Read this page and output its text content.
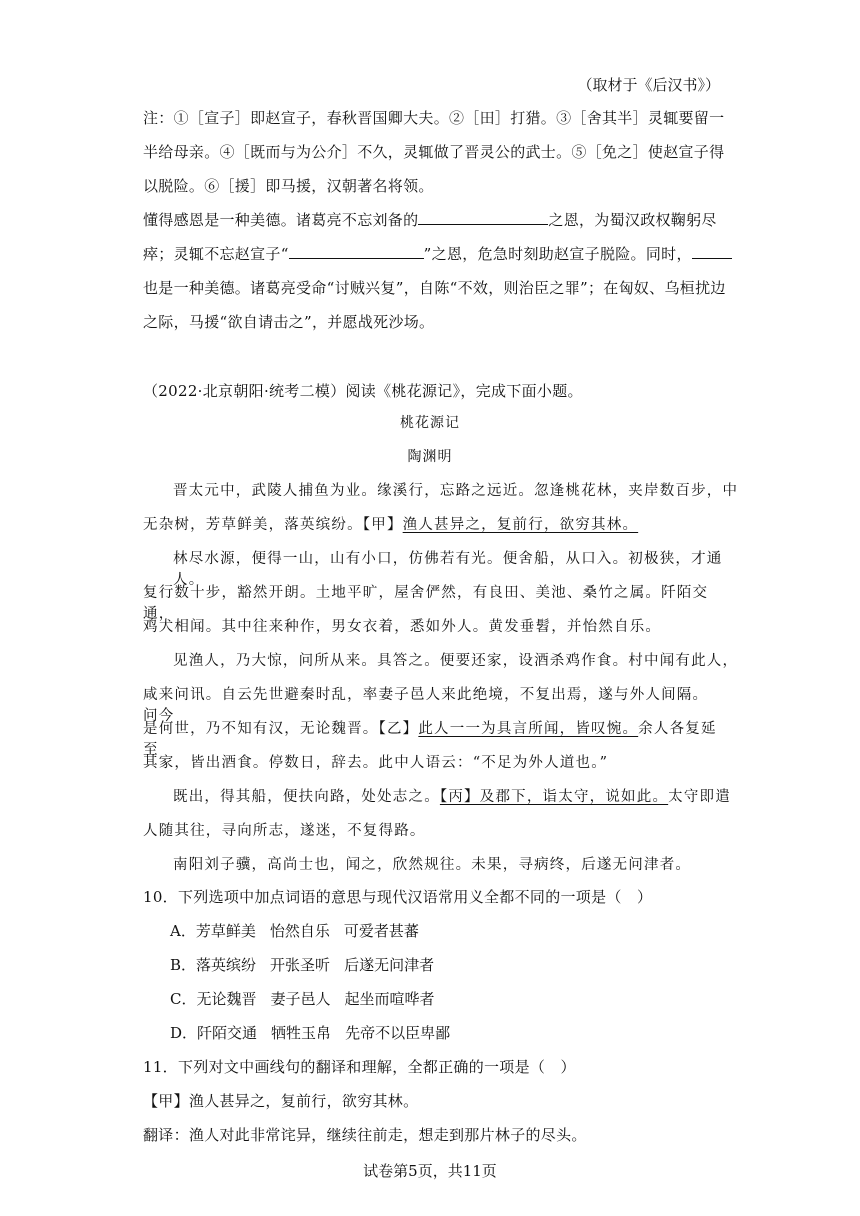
（取材于《后汉书》）
注：①［宣子］即赵宣子，春秋晋国卿大夫。②［田］打猎。③［舍其半］灵辄要留一
半给母亲。④［既而与为公介］不久，灵辄做了晋灵公的武士。⑤［免之］使赵宣子得
以脱险。⑥［援］即马援，汉朝著名将领。
懂得感恩是一种美德。诸葛亮不忘刘备的	之恩，为蜀汉政权鞠躬尽
瘁；灵辄不忘赵宣子“	”之恩，危急时刻助赵宣子脱险。同时，
也是一种美德。诸葛亮受命“讨贼兴复”，自陈“不效，则治臣之罪”；在匈奴、乌桓扰边
之际，马援“欲自请击之”，并愿战死沙场。
（2022·北京朝阳·统考二模）阅读《桃花源记》，完成下面小题。
桃花源记
陶渊明
晋太元中，武陵人捕鱼为业。缘溪行，忘路之远近。忽逢桃花林，夹岸数百步，中
无杂树，芳草鲜美，落英缤纷。【甲】渔人甚异之，复前行，欲穷其林。
林尽水源，便得一山，山有小口，仿佛若有光。便舍船，从口入。初极狭，才通人。
复行数十步，豁然开朗。土地平旷，屋舍俨然，有良田、美池、桑竹之属。阡陌交通，
鸡犬相闻。其中往来种作，男女衣着，悉如外人。黄发垂髫，并怡然自乐。
见渔人，乃大惊，问所从来。具答之。便要还家，设酒杀鸡作食。村中闻有此人，
咸来问讯。自云先世避秦时乱，率妻子邑人来此绝境，不复出焉，遂与外人间隔。问今
是何世，乃不知有汉，无论魏晋。【乙】此人一一为具言所闻，皆叹惋。余人各复延至
其家，皆出酒食。停数日，辞去。此中人语云：“不足为外人道也。”
既出，得其船，便扶向路，处处志之。【丙】及郡下，诣太守，说如此。太守即遣
人随其往，寻向所志，遂迷，不复得路。
南阳刘子骥，高尚士也，闻之，欣然规往。未果，寻病终，后遂无问津者。
10．下列选项中加点词语的意思与现代汉语常用义全都不同的一项是（　）
A．芳草鲜美 怡然自乐 可爱者甚蕃
B．落英缤纷 开张圣听 后遂无问津者
C．无论魏晋 妻子邑人 起坐而喧哗者
D．阡陌交通 牺牲玉帛 先帝不以臣卑鄙
11．下列对文中画线句的翻译和理解，全都正确的一项是（　）
【甲】渔人甚异之，复前行，欲穷其林。
翻译：渔人对此非常诧异，继续往前走，想走到那片林子的尽头。
试卷第5页，共11页
